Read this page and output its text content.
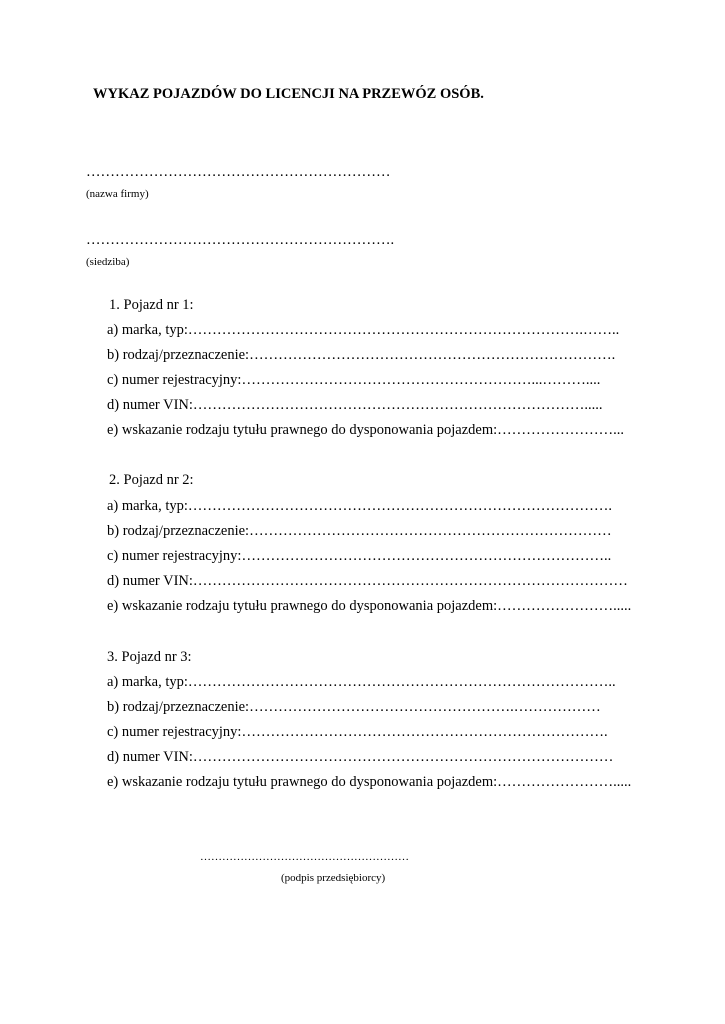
WYKAZ POJAZDÓW DO LICENCJI NA PRZEWÓZ OSÓB.
………………………………………………………
(nazwa firmy)
……………………………………………………….
(siedziba)
1. Pojazd nr 1:
a) marka, typ:……………………………………………………………………….……..
b) rodzaj/przeznaczenie:………………………………………………………………….
c) numer rejestracyjny:……………………………………………………...………....
d) numer VIN:……………………………………………………………………….....
e) wskazanie rodzaju tytułu prawnego do dysponowania pojazdem:……………………...
2. Pojazd nr 2:
a) marka, typ:…………………………………………………………………………….
b) rodzaj/przeznaczenie:…………………………………………………………………
c) numer rejestracyjny:…………………………………………………………………..
d) numer VIN:………………………………………………………………………………
e) wskazanie rodzaju tytułu prawnego do dysponowania pojazdem:…………………….....
3. Pojazd nr 3:
a) marka, typ:……………………………………………………………………………..
b) rodzaj/przeznaczenie:……………………………………………….………………
c) numer rejestracyjny:………………………………………………………………….
d) numer VIN:……………………………………………………………………………
e) wskazanie rodzaju tytułu prawnego do dysponowania pojazdem:…………………….....
…………………………………………………
(podpis przedsiębiorcy)
